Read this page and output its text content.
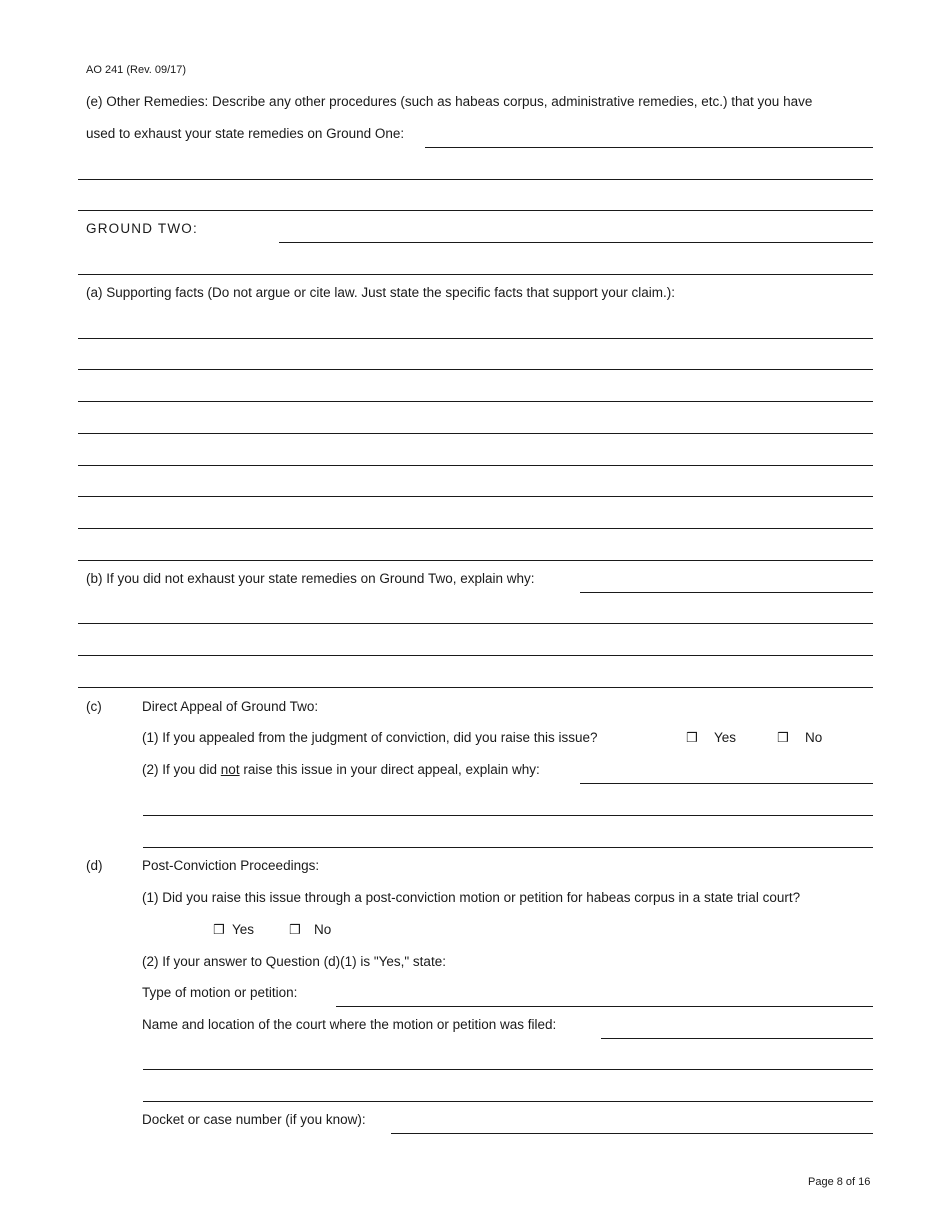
AO 241 (Rev. 09/17)
(e) Other Remedies: Describe any other procedures (such as habeas corpus, administrative remedies, etc.) that you have
used to exhaust your state remedies on Ground One:
GROUND TWO:
(a) Supporting facts (Do not argue or cite law. Just state the specific facts that support your claim.):
(b) If you did not exhaust your state remedies on Ground Two, explain why:
(c)	Direct Appeal of Ground Two:
(1) If you appealed from the judgment of conviction, did you raise this issue?	❒ Yes	❒ No
(2) If you did not raise this issue in your direct appeal, explain why:
(d)	Post-Conviction Proceedings:
(1) Did you raise this issue through a post-conviction motion or petition for habeas corpus in a state trial court?
❒ Yes	❒ No
(2) If your answer to Question (d)(1) is "Yes," state:
Type of motion or petition:
Name and location of the court where the motion or petition was filed:
Docket or case number (if you know):
Page 8 of 16
